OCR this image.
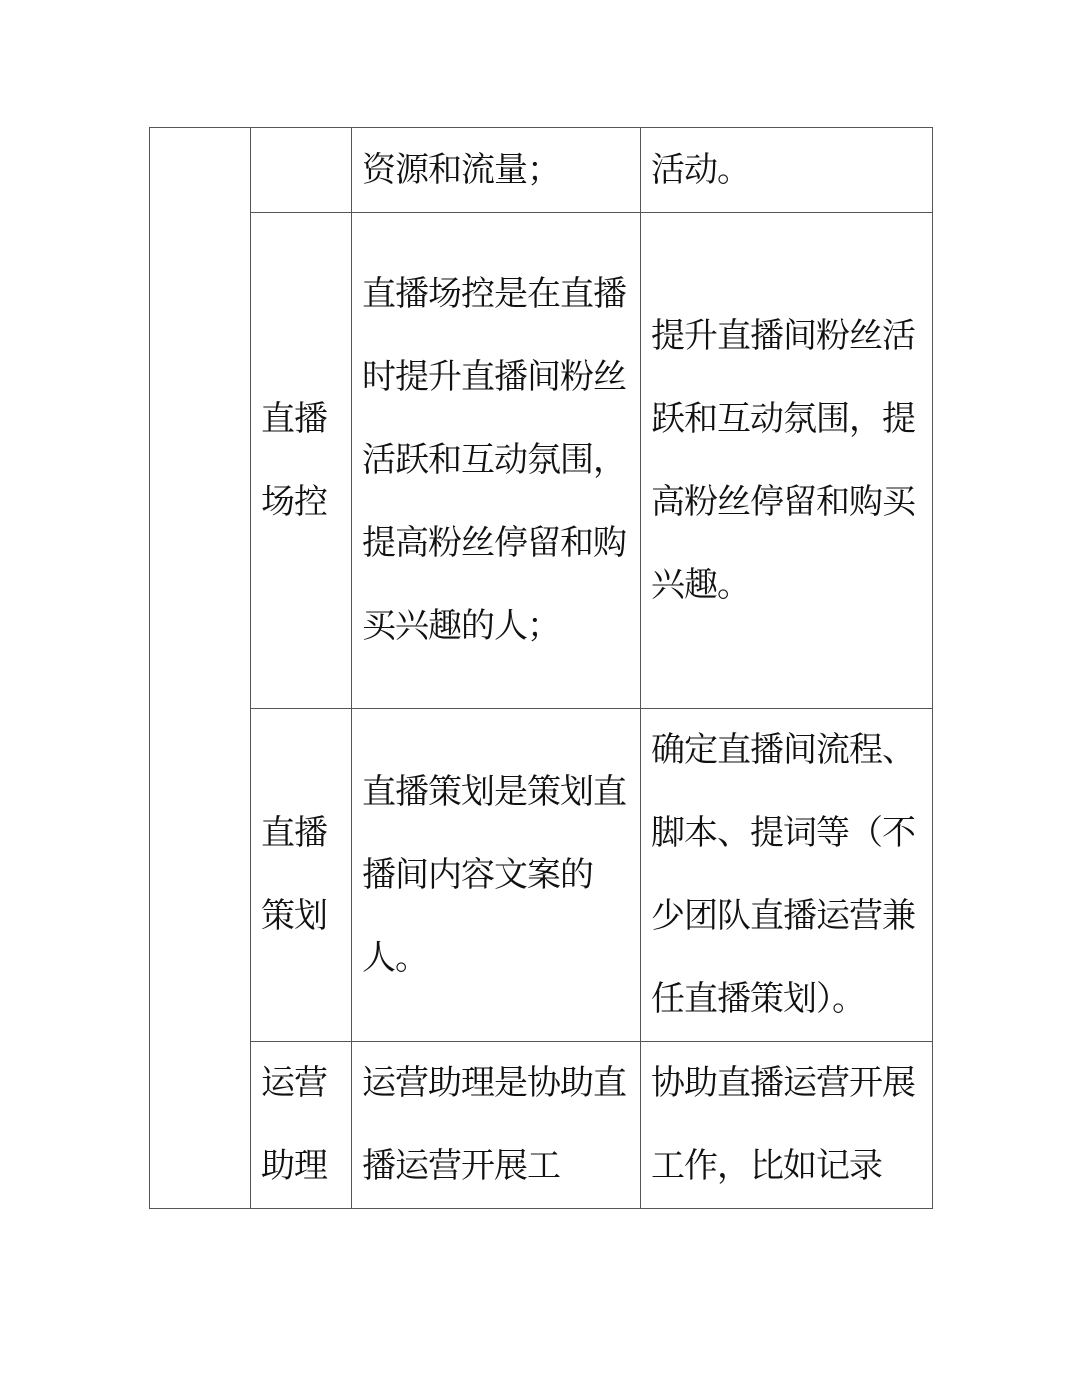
		资源和流量；	活动。

	直播场控	直播场控是在直播时提升直播间粉丝活跃和互动氛围，提高粉丝停留和购买兴趣的人；	提升直播间粉丝活跃和互动氛围，提高粉丝停留和购买兴趣。

	直播策划	直播策划是策划直播间内容文案的人。	确定直播间流程、脚本、提词等（不少团队直播运营兼任直播策划）。

	运营助理	运营助理是协助直播运营开展工	协助直播运营开展工作，比如记录
